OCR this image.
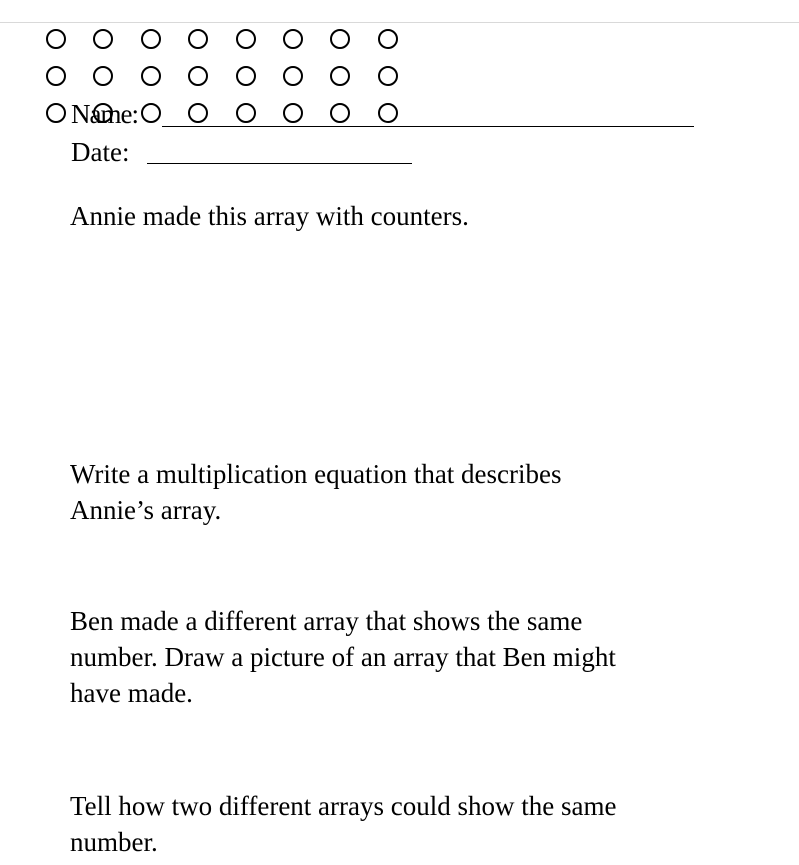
Name:
Date:
Annie made this array with counters.
Write a multiplication equation that describes
Annie’s array.
Ben made a different array that shows the same
number. Draw a picture of an array that Ben might
have made.
Tell how two different arrays could show the same
number.
